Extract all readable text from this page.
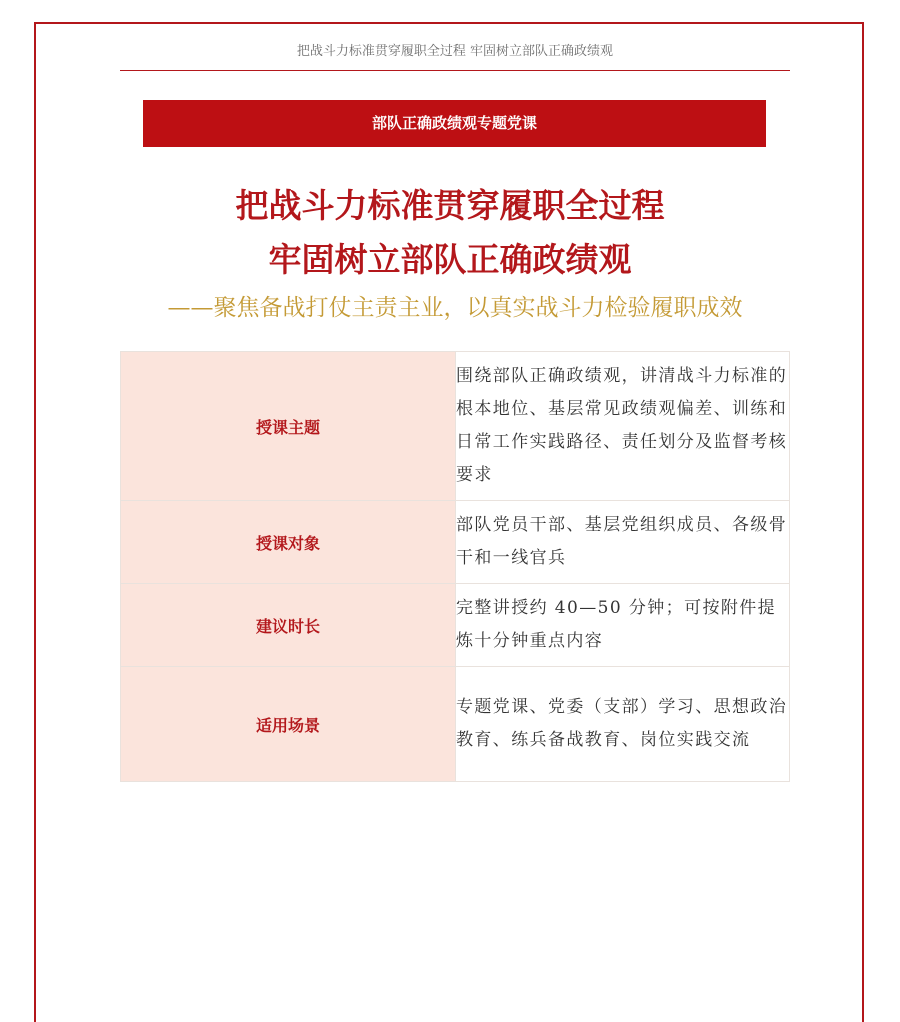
把战斗力标准贯穿履职全过程 牢固树立部队正确政绩观
部队正确政绩观专题党课
把战斗力标准贯穿履职全过程
牢固树立部队正确政绩观
——聚焦备战打仗主责主业，以真实战斗力检验履职成效
授课主题	围绕部队正确政绩观，讲清战斗力标准的根本地位、基层常见政绩观偏差、训练和日常工作实践路径、责任划分及监督考核要求
授课对象	部队党员干部、基层党组织成员、各级骨干和一线官兵
建议时长	完整讲授约 40—50 分钟；可按附件提炼十分钟重点内容
适用场景	专题党课、党委（支部）学习、思想政治教育、练兵备战教育、岗位实践交流
